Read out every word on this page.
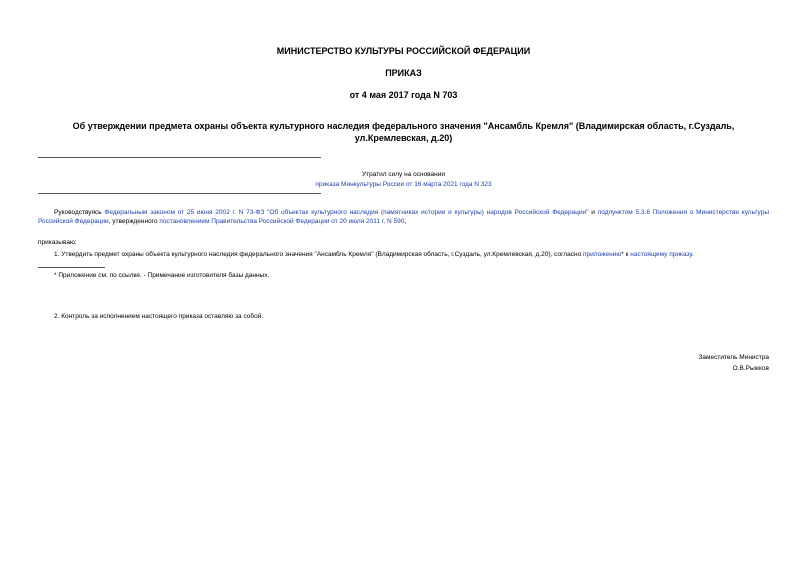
МИНИСТЕРСТВО КУЛЬТУРЫ РОССИЙСКОЙ ФЕДЕРАЦИИ
ПРИКАЗ
от 4 мая 2017 года N 703
Об утверждении предмета охраны объекта культурного наследия федерального значения "Ансамбль Кремля" (Владимирская область, г.Суздаль, ул.Кремлевская, д.20)
Утратил силу на основании
приказа Минкультуры России от 16 марта 2021 года N 323
Руководствуясь Федеральным законом от 25 июня 2002 г. N 73-ФЗ "Об объектах культурного наследия (памятниках истории и культуры) народов Российской Федерации" и подпунктом 5.3.6 Положения о Министерстве культуры Российской Федерации, утвержденного постановлением Правительства Российской Федерации от 20 июля 2011 г. N 590,
приказываю:
1. Утвердить предмет охраны объекта культурного наследия федерального значения "Ансамбль Кремля" (Владимирская область, г.Суздаль, ул.Кремлевская, д.20), согласно приложению* к настоящему приказу.
* Приложение см. по ссылке. - Примечание изготовителя базы данных.
2. Контроль за исполнением настоящего приказа оставляю за собой.
Заместитель Министра
О.В.Рыжков
